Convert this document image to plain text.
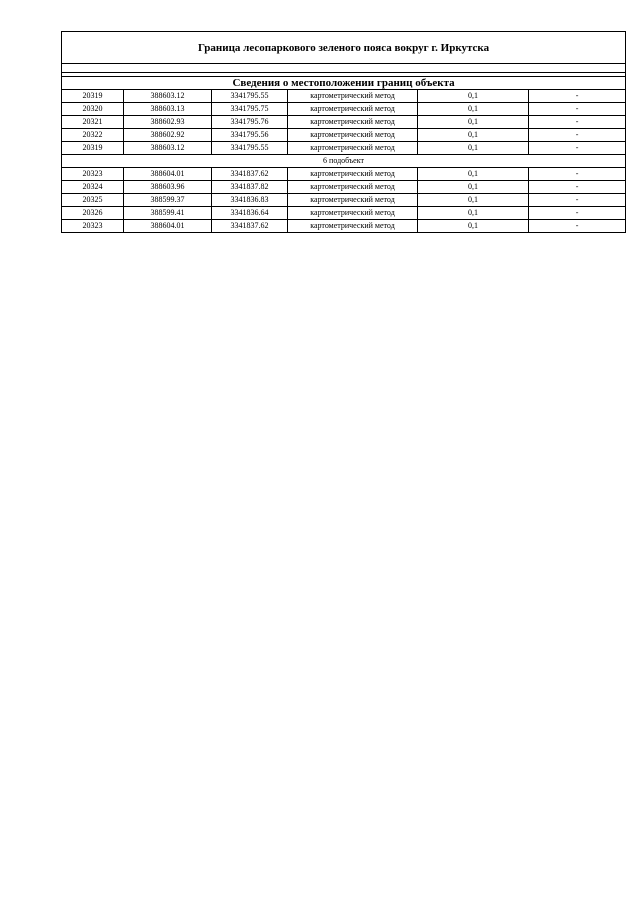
Граница лесопаркового зеленого пояса вокруг г. Иркутска					

Сведения о местоположении границ объекта					
20319	388603.12	3341795.55	картометрический метод	0,1	-
20320	388603.13	3341795.75	картометрический метод	0,1	-
20321	388602.93	3341795.76	картометрический метод	0,1	-
20322	388602.92	3341795.56	картометрический метод	0,1	-
20319	388603.12	3341795.55	картометрический метод	0,1	-
6 подобъект					
20323	388604.01	3341837.62	картометрический метод	0,1	-
20324	388603.96	3341837.82	картометрический метод	0,1	-
20325	388599.37	3341836.83	картометрический метод	0,1	-
20326	388599.41	3341836.64	картометрический метод	0,1	-
20323	388604.01	3341837.62	картометрический метод	0,1	-
